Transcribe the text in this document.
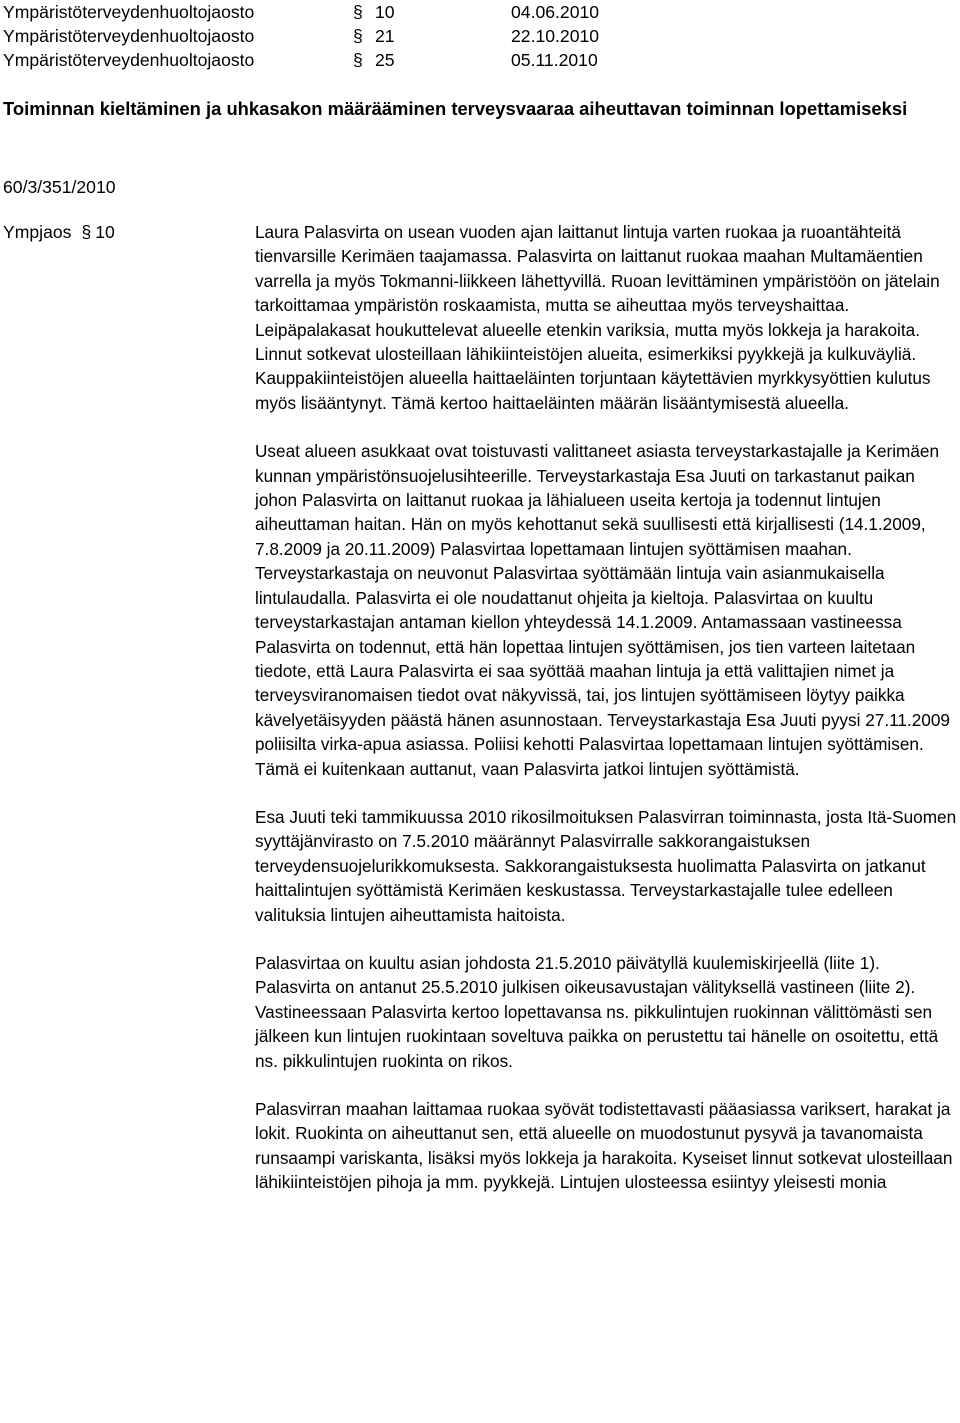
Ympäristöterveydenhuoltojaosto	§ 10	04.06.2010
Ympäristöterveydenhuoltojaosto	§ 21	22.10.2010
Ympäristöterveydenhuoltojaosto	§ 25	05.11.2010
Toiminnan kieltäminen ja uhkasakon määrääminen terveysvaaraa aiheuttavan toiminnan lopettamiseksi
60/3/351/2010
Ympjaos § 10	Laura Palasvirta on usean vuoden ajan laittanut lintuja varten ruokaa ja ruoantähteitä tienvarsille Kerimäen taajamassa. Palasvirta on laittanut ruokaa maahan Multamäentien varrella ja myös Tokmanni-liikkeen lähettyvillä. Ruoan levittäminen ympäristöön on jätelain tarkoittamaa ympäristön roskaamista, mutta se aiheuttaa myös terveyshaittaa. Leipäpalakasat houkuttelevat alueelle etenkin variksia, mutta myös lokkeja ja harakoita. Linnut sotkevat ulosteillaan lähikiinteistöjen alueita, esimerkiksi pyykkejä ja kulkuväyliä. Kauppakiinteistöjen alueella haittaeläinten torjuntaan käytettävien myrkkysyöttien kulutus myös lisääntynyt. Tämä kertoo haittaeläinten määrän lisääntymisestä alueella.

Useat alueen asukkaat ovat toistuvasti valittaneet asiasta terveystarkastajalle ja Kerimäen kunnan ympäristönsuojelusihteerille. Terveystarkastaja Esa Juuti on tarkastanut paikan johon Palasvirta on laittanut ruokaa ja lähialueen useita kertoja ja todennut lintujen aiheuttaman haitan. Hän on myös kehottanut sekä suullisesti että kirjallisesti (14.1.2009, 7.8.2009 ja 20.11.2009) Palasvirtaa lopettamaan lintujen syöttämisen maahan. Terveystarkastaja on neuvonut Palasvirtaa syöttämään lintuja vain asianmukaisella lintulaudalla. Palasvirta ei ole noudattanut ohjeita ja kieltoja. Palasvirtaa on kuultu terveystarkastajan antaman kiellon yhteydessä 14.1.2009. Antamassaan vastineessa Palasvirta on todennut, että hän lopettaa lintujen syöttämisen, jos tien varteen laitetaan tiedote, että Laura Palasvirta ei saa syöttää maahan lintuja ja että valittajien nimet ja terveysviranomaisen tiedot ovat näkyvissä, tai, jos lintujen syöttämiseen löytyy paikka kävelyetäisyyden päästä hänen asunnostaan. Terveystarkastaja Esa Juuti pyysi 27.11.2009 poliisilta virka-apua asiassa. Poliisi kehotti Palasvirtaa lopettamaan lintujen syöttämisen. Tämä ei kuitenkaan auttanut, vaan Palasvirta jatkoi lintujen syöttämistä.

Esa Juuti teki tammikuussa 2010 rikosilmoituksen Palasvirran toiminnasta, josta Itä-Suomen syyttäjänvirasto on 7.5.2010 määrännyt Palasvirralle sakkorangaistuksen terveydensuojelurikkomuksesta. Sakkorangaistuksesta huolimatta Palasvirta on jatkanut haittalintujen syöttämistä Kerimäen keskustassa. Terveystarkastajalle tulee edelleen valituksia lintujen aiheuttamista haitoista.

Palasvirtaa on kuultu asian johdosta 21.5.2010 päivätyllä kuulemiskirjeellä (liite 1). Palasvirta on antanut 25.5.2010 julkisen oikeusavustajan välityksellä vastineen (liite 2). Vastineessaan Palasvirta kertoo lopettavansa ns. pikkulintujen ruokinnan välittömästi sen jälkeen kun lintujen ruokintaan soveltuva paikka on perustettu tai hänelle on osoitettu, että ns. pikkulintujen ruokinta on rikos.

Palasvirran maahan laittamaa ruokaa syövät todistettavasti pääasiassa variksert, harakat ja lokit. Ruokinta on aiheuttanut sen, että alueelle on muodostunut pysyvä ja tavanomaista runsaampi variskanta, lisäksi myös lokkeja ja harakoita. Kyseiset linnut sotkevat ulosteillaan lähikiinteistöjen pihoja ja mm. pyykkejä. Lintujen ulosteessa esiintyy yleisesti monia
